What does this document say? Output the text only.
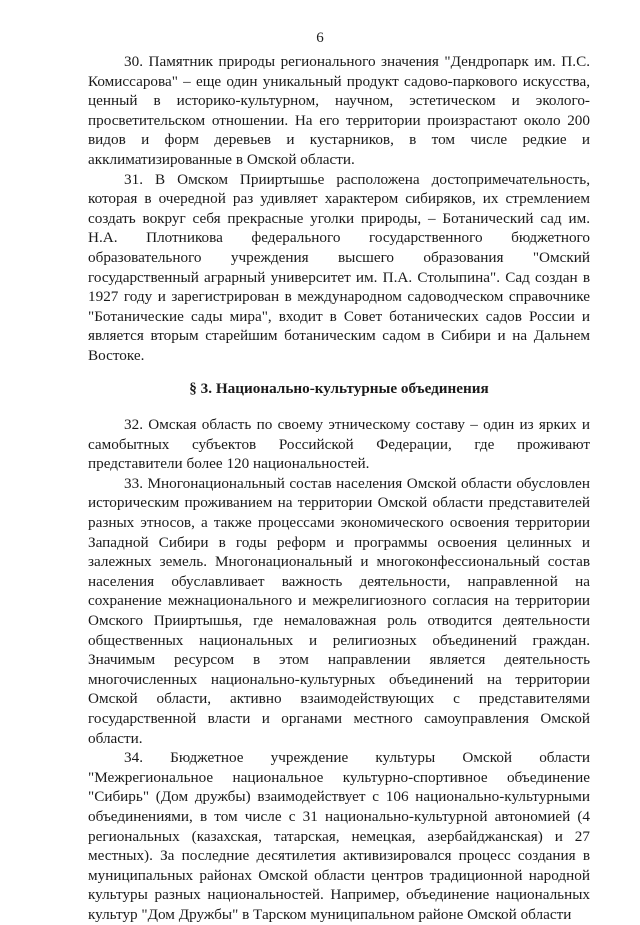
6

30. Памятник природы регионального значения "Дендропарк им. П.С. Комиссарова" – еще один уникальный продукт садово-паркового искусства, ценный в историко-культурном, научном, эстетическом и эколого-просветительском отношении. На его территории произрастают около 200 видов и форм деревьев и кустарников, в том числе редкие и акклиматизированные в Омской области.

31. В Омском Прииртышье расположена достопримечательность, которая в очередной раз удивляет характером сибиряков, их стремлением создать вокруг себя прекрасные уголки природы, – Ботанический сад им. Н.А. Плотникова федерального государственного бюджетного образовательного учреждения высшего образования "Омский государственный аграрный университет им. П.А. Столыпина". Сад создан в 1927 году и зарегистрирован в международном садоводческом справочнике "Ботанические сады мира", входит в Совет ботанических садов России и является вторым старейшим ботаническим садом в Сибири и на Дальнем Востоке.

§ 3. Национально-культурные объединения

32. Омская область по своему этническому составу – один из ярких и самобытных субъектов Российской Федерации, где проживают представители более 120 национальностей.

33. Многонациональный состав населения Омской области обусловлен историческим проживанием на территории Омской области представителей разных этносов, а также процессами экономического освоения территории Западной Сибири в годы реформ и программы освоения целинных и залежных земель. Многонациональный и многоконфессиональный состав населения обуславливает важность деятельности, направленной на сохранение межнационального и межрелигиозного согласия на территории Омского Прииртышья, где немаловажная роль отводится деятельности общественных национальных и религиозных объединений граждан. Значимым ресурсом в этом направлении является деятельность многочисленных национально-культурных объединений на территории Омской области, активно взаимодействующих с представителями государственной власти и органами местного самоуправления Омской области.

34. Бюджетное учреждение культуры Омской области "Межрегиональное национальное культурно-спортивное объединение "Сибирь" (Дом дружбы) взаимодействует с 106 национально-культурными объединениями, в том числе с 31 национально-культурной автономией (4 региональных (казахская, татарская, немецкая, азербайджанская) и 27 местных). За последние десятилетия активизировался процесс создания в муниципальных районах Омской области центров традиционной народной культуры разных национальностей. Например, объединение национальных культур "Дом Дружбы" в Тарском муниципальном районе Омской области
